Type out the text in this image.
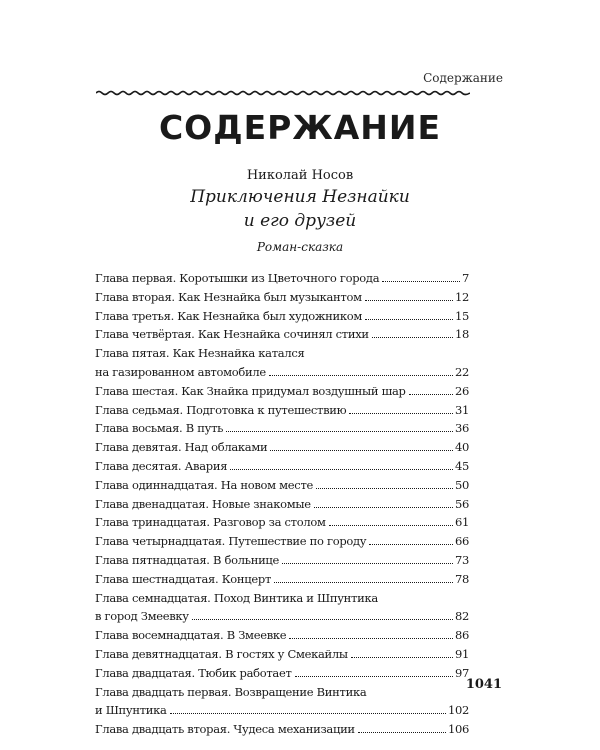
Содержание
СОДЕРЖАНИЕ
Николай Носов
Приключения Незнайки
и его друзей
Роман-сказка
Глава первая. Коротышки из Цветочного города	7
Глава вторая. Как Незнайка был музыкантом	12
Глава третья. Как Незнайка был художником	15
Глава четвёртая. Как Незнайка сочинял стихи	18
Глава пятая. Как Незнайка катался
на газированном автомобиле	22
Глава шестая. Как Знайка придумал воздушный шар	26
Глава седьмая. Подготовка к путешествию	31
Глава восьмая. В путь	36
Глава девятая. Над облаками	40
Глава десятая. Авария	45
Глава одиннадцатая. На новом месте	50
Глава двенадцатая. Новые знакомые	56
Глава тринадцатая. Разговор за столом	61
Глава четырнадцатая. Путешествие по городу	66
Глава пятнадцатая. В больнице	73
Глава шестнадцатая. Концерт	78
Глава семнадцатая. Поход Винтика и Шпунтика
в город Змеевку	82
Глава восемнадцатая. В Змеевке	86
Глава девятнадцатая. В гостях у Смекайлы	91
Глава двадцатая. Тюбик работает	97
Глава двадцать первая. Возвращение Винтика
и Шпунтика	102
Глава двадцать вторая. Чудеса механизации	106
1041
